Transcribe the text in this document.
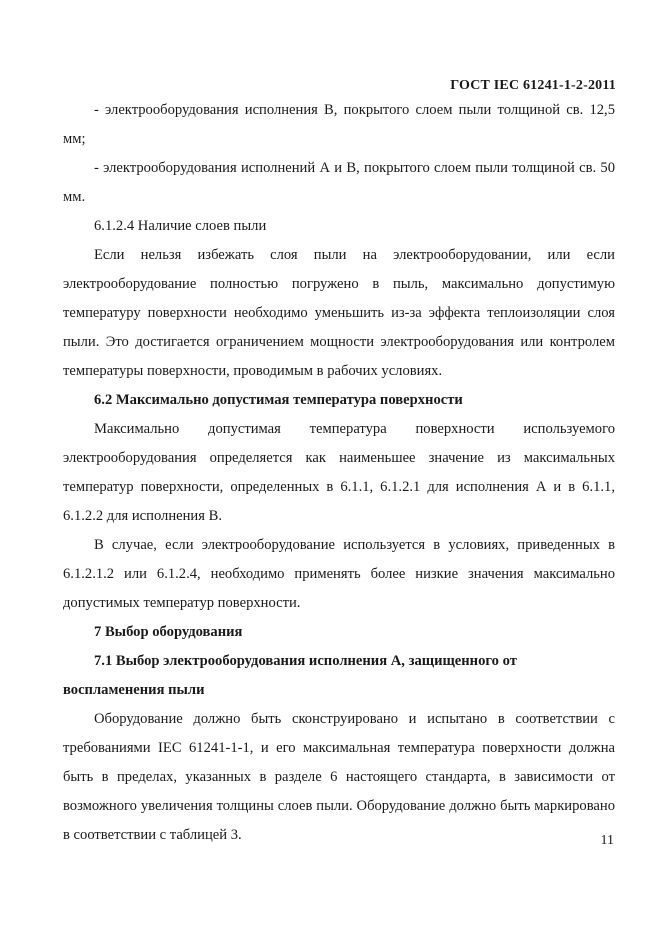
ГОСТ IEC 61241-1-2-2011

- электрооборудования исполнения В, покрытого слоем пыли толщиной св. 12,5 мм;

- электрооборудования исполнений А и В, покрытого слоем пыли толщиной св. 50 мм.

6.1.2.4 Наличие слоев пыли

Если нельзя избежать слоя пыли на электрооборудовании, или если электрооборудование полностью погружено в пыль, максимально допустимую температуру поверхности необходимо уменьшить из-за эффекта теплоизоляции слоя пыли. Это достигается ограничением мощности электрооборудования или контролем температуры поверхности, проводимым в рабочих условиях.

6.2 Максимально допустимая температура поверхности

Максимально допустимая температура поверхности используемого электрооборудования определяется как наименьшее значение из максимальных температур поверхности, определенных в 6.1.1, 6.1.2.1 для исполнения А и в 6.1.1, 6.1.2.2 для исполнения В.

В случае, если электрооборудование используется в условиях, приведенных в 6.1.2.1.2 или 6.1.2.4, необходимо применять более низкие значения максимально допустимых температур поверхности.

7 Выбор оборудования

7.1 Выбор электрооборудования исполнения А, защищенного от воспламенения пыли

Оборудование должно быть сконструировано и испытано в соответствии с требованиями IEC 61241-1-1, и его максимальная температура поверхности должна быть в пределах, указанных в разделе 6 настоящего стандарта, в зависимости от возможного увеличения толщины слоев пыли. Оборудование должно быть маркировано в соответствии с таблицей 3.	11
